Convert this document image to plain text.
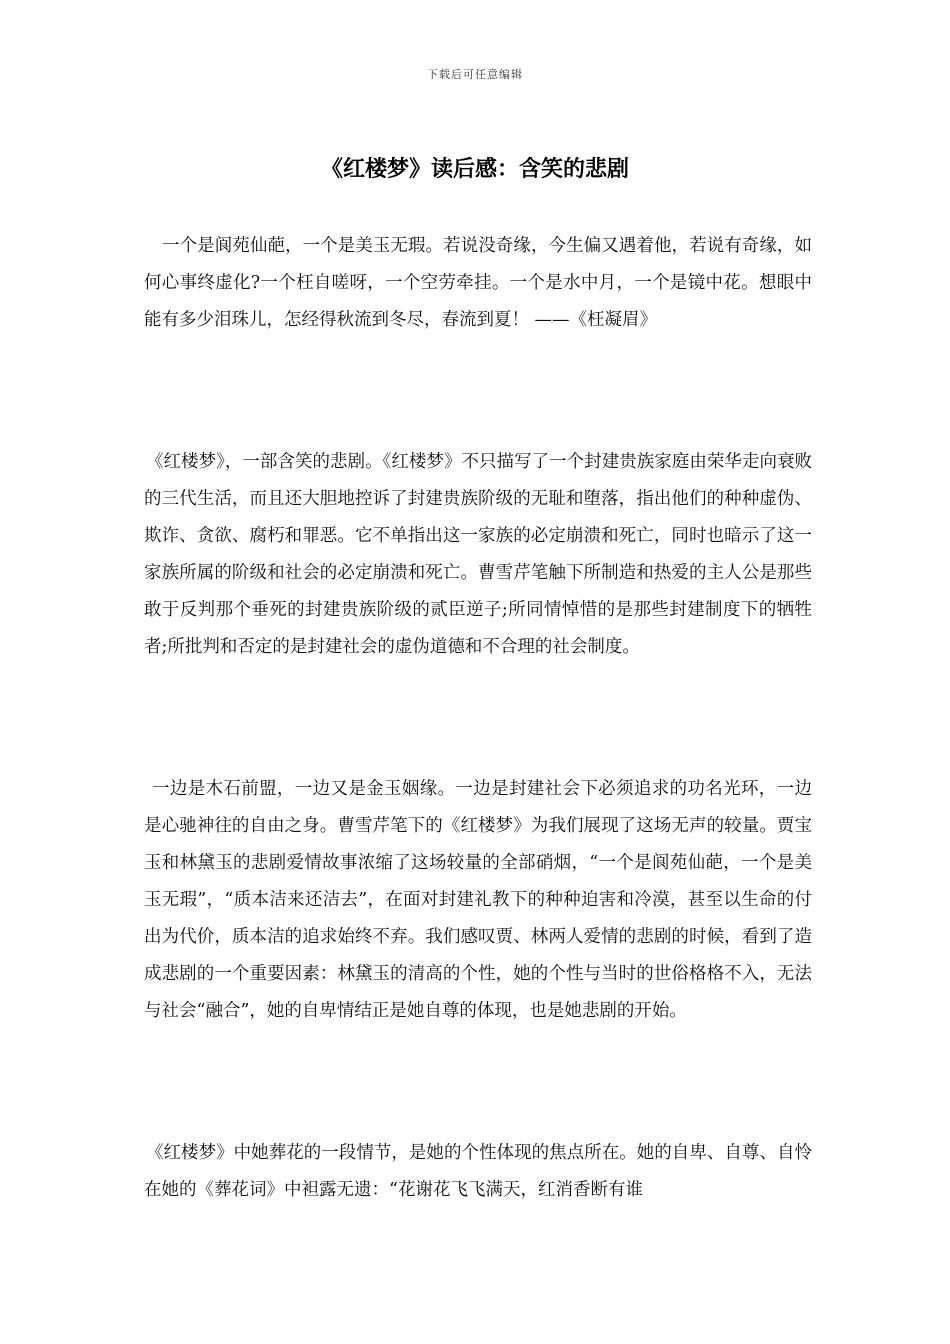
下载后可任意编辑
《红楼梦》读后感：含笑的悲剧

一个是阆苑仙葩，一个是美玉无瑕。若说没奇缘，今生偏又遇着他，若说有奇缘，如何心事终虚化?一个枉自嗟呀，一个空劳牵挂。一个是水中月，一个是镜中花。想眼中能有多少泪珠儿，怎经得秋流到冬尽，春流到夏！ ——《枉凝眉》

《红楼梦》，一部含笑的悲剧。《红楼梦》不只描写了一个封建贵族家庭由荣华走向衰败的三代生活，而且还大胆地控诉了封建贵族阶级的无耻和堕落，指出他们的种种虚伪、欺诈、贪欲、腐朽和罪恶。它不单指出这一家族的必定崩溃和死亡，同时也暗示了这一家族所属的阶级和社会的必定崩溃和死亡。曹雪芹笔触下所制造和热爱的主人公是那些敢于反判那个垂死的封建贵族阶级的贰臣逆子;所同情悼惜的是那些封建制度下的牺牲者;所批判和否定的是封建社会的虚伪道德和不合理的社会制度。

一边是木石前盟，一边又是金玉姻缘。一边是封建社会下必须追求的功名光环，一边是心驰神往的自由之身。曹雪芹笔下的《红楼梦》为我们展现了这场无声的较量。贾宝玉和林黛玉的悲剧爱情故事浓缩了这场较量的全部硝烟，“一个是阆苑仙葩，一个是美玉无瑕”，“质本洁来还洁去”，在面对封建礼教下的种种迫害和冷漠，甚至以生命的付出为代价，质本洁的追求始终不弃。我们感叹贾、林两人爱情的悲剧的时候，看到了造成悲剧的一个重要因素：林黛玉的清高的个性，她的个性与当时的世俗格格不入，无法与社会“融合”，她的自卑情结正是她自尊的体现，也是她悲剧的开始。

《红楼梦》中她葬花的一段情节，是她的个性体现的焦点所在。她的自卑、自尊、自怜在她的《葬花词》中袒露无遗：“花谢花飞飞满天，红消香断有谁
